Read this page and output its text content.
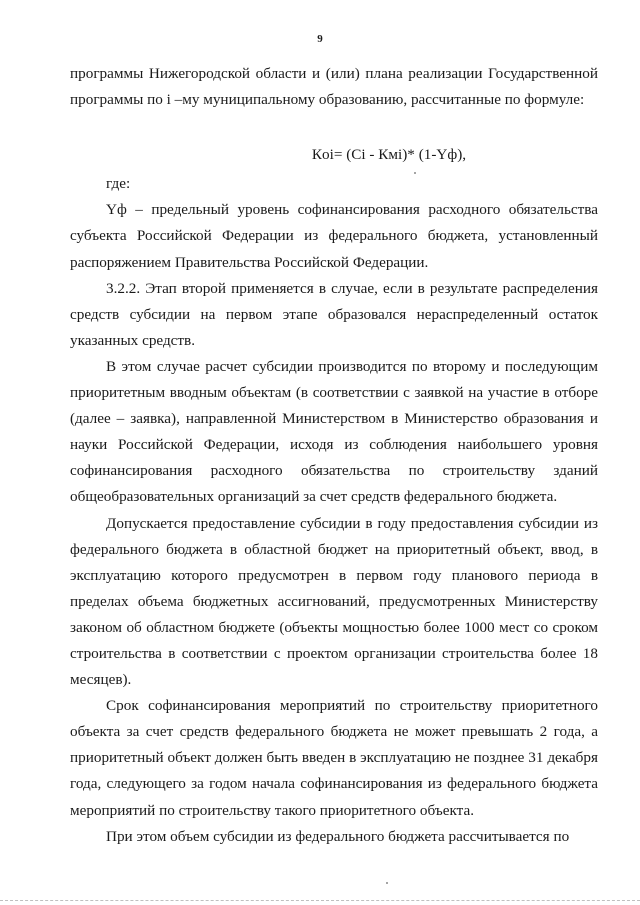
9

программы Нижегородской области и (или) плана реализации Государственной программы по i –му муниципальному образованию, рассчитанные по формуле:

Кoi= (Ci - Кмi)* (1-Yф),

где:

Yф – предельный уровень софинансирования расходного обязательства субъекта Российской Федерации из федерального бюджета, установленный распоряжением Правительства Российской Федерации.

3.2.2. Этап второй применяется в случае, если в результате распределения средств субсидии на первом этапе образовался нераспределенный остаток указанных средств.

В этом случае расчет субсидии производится по второму и последующим приоритетным вводным объектам (в соответствии с заявкой на участие в отборе (далее – заявка), направленной Министерством в Министерство образования и науки Российской Федерации, исходя из соблюдения наибольшего уровня софинансирования расходного обязательства по строительству зданий общеобразовательных организаций за счет средств федерального бюджета.

Допускается предоставление субсидии в году предоставления субсидии из федерального бюджета в областной бюджет на приоритетный объект, ввод, в эксплуатацию которого предусмотрен в первом году планового периода в пределах объема бюджетных ассигнований, предусмотренных Министерству законом об областном бюджете (объекты мощностью более 1000 мест со сроком строительства в соответствии с проектом организации строительства более 18 месяцев).

Срок софинансирования мероприятий по строительству приоритетного объекта за счет средств федерального бюджета не может превышать 2 года, а приоритетный объект должен быть введен в эксплуатацию не позднее 31 декабря года, следующего за годом начала софинансирования из федерального бюджета мероприятий по строительству такого приоритетного объекта.

При этом объем субсидии из федерального бюджета рассчитывается по
